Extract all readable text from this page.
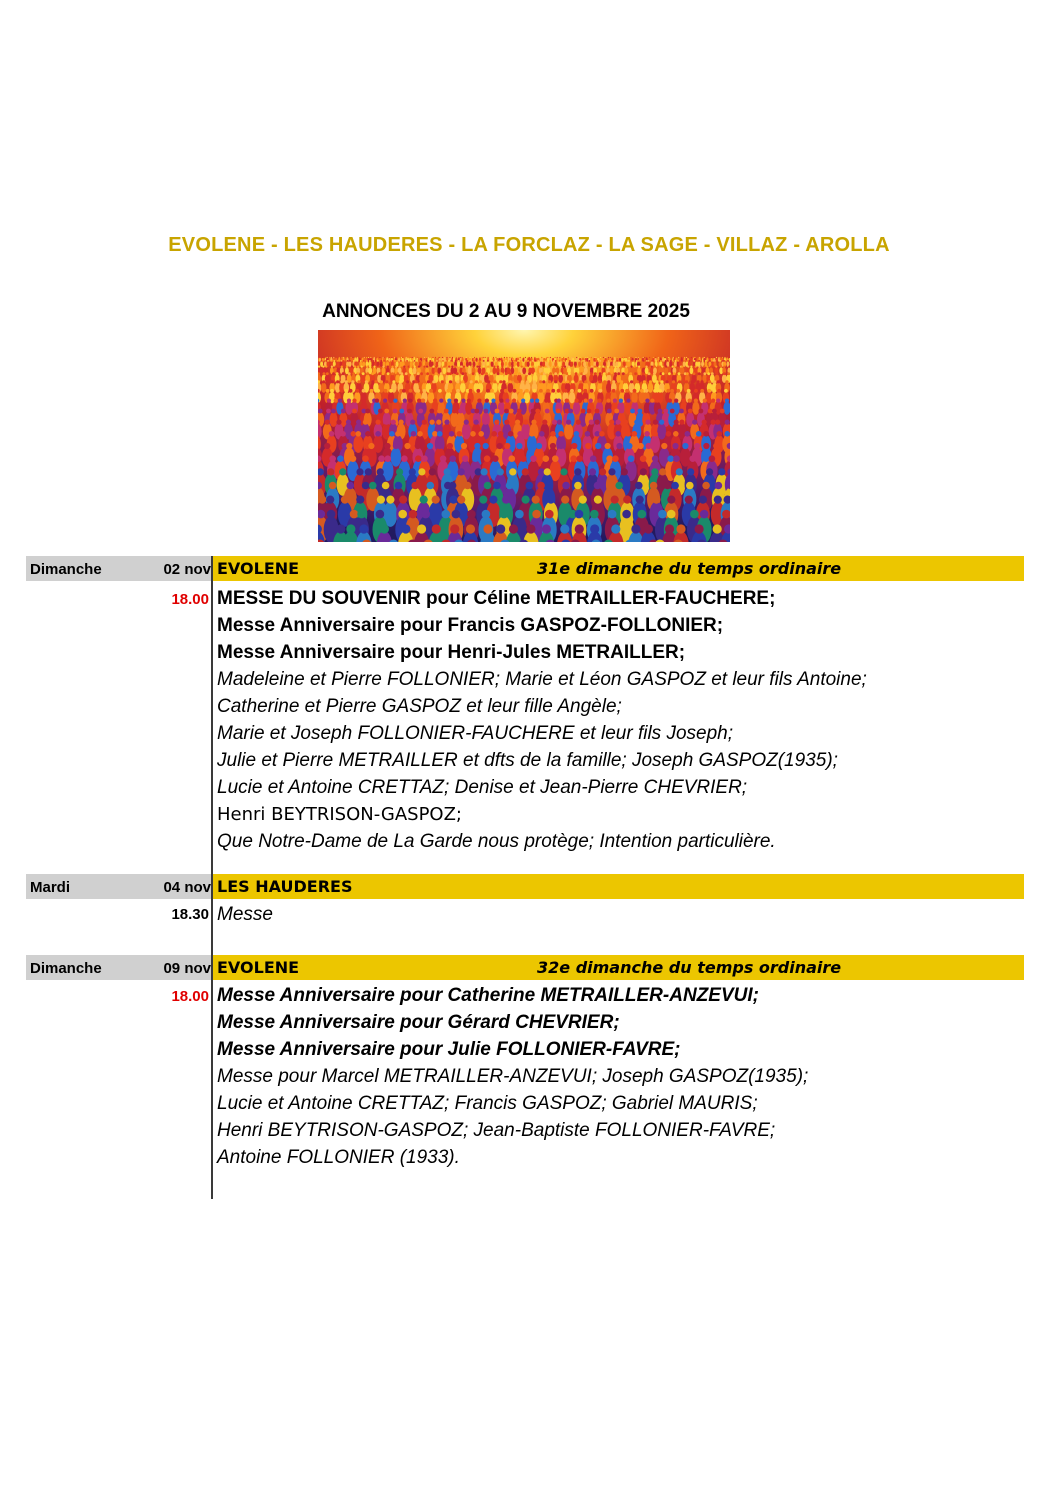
EVOLENE - LES HAUDERES - LA FORCLAZ - LA SAGE - VILLAZ - AROLLA
ANNONCES DU 2 AU 9 NOVEMBRE 2025
Dimanche	02 nov EVOLENE	31e dimanche du temps ordinaire
18.00 MESSE DU SOUVENIR pour Céline METRAILLER-FAUCHERE;
Messe Anniversaire pour Francis GASPOZ-FOLLONIER;
Messe Anniversaire pour Henri-Jules METRAILLER;
Madeleine et Pierre FOLLONIER; Marie et Léon GASPOZ et leur fils Antoine;
Catherine et Pierre GASPOZ et leur fille Angèle;
Marie et Joseph FOLLONIER-FAUCHERE et leur fils Joseph;
Julie et Pierre METRAILLER et dfts de la famille; Joseph GASPOZ(1935);
Lucie et Antoine CRETTAZ; Denise et Jean-Pierre CHEVRIER;
Henri BEYTRISON-GASPOZ;
Que Notre-Dame de La Garde nous protège; Intention particulière.
Mardi	04 nov LES HAUDERES
18.30 Messe
Dimanche	09 nov EVOLENE	32e dimanche du temps ordinaire
18.00 Messe Anniversaire pour Catherine METRAILLER-ANZEVUI;
Messe Anniversaire pour Gérard CHEVRIER;
Messe Anniversaire pour Julie FOLLONIER-FAVRE;
Messe pour Marcel METRAILLER-ANZEVUI; Joseph GASPOZ(1935);
Lucie et Antoine CRETTAZ; Francis GASPOZ; Gabriel MAURIS;
Henri BEYTRISON-GASPOZ; Jean-Baptiste FOLLONIER-FAVRE;
Antoine FOLLONIER (1933).
